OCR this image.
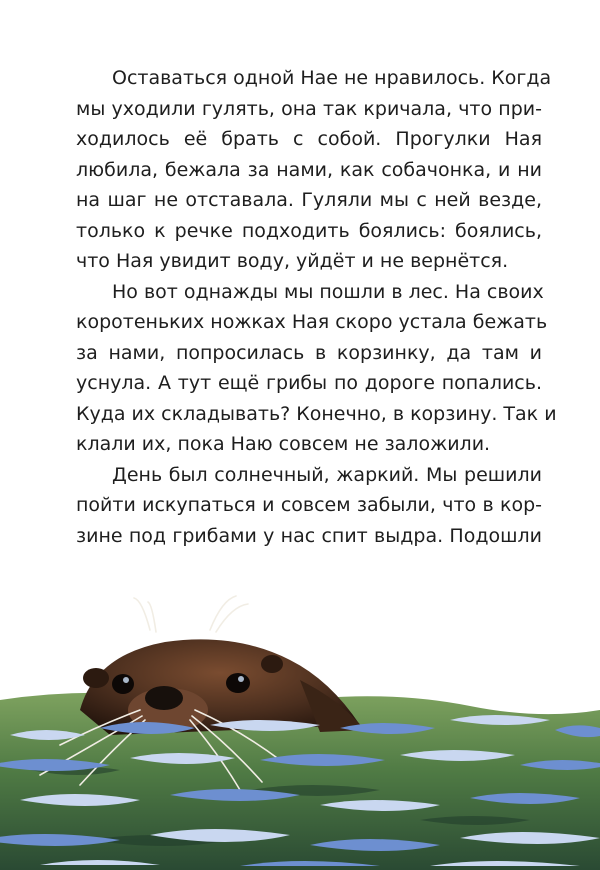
Оставаться одной Нае не нравилось. Когда
мы уходили гулять, она так кричала, что при-
ходилось её брать с собой. Прогулки Ная
любила, бежала за нами, как собачонка, и ни
на шаг не отставала. Гуляли мы с ней везде,
только к речке подходить боялись: боялись,
что Ная увидит воду, уйдёт и не вернётся.
Но вот однажды мы пошли в лес. На своих
коротеньких ножках Ная скоро устала бежать
за нами, попросилась в корзинку, да там и
уснула. А тут ещё грибы по дороге попались.
Куда их складывать? Конечно, в корзину. Так и
клали их, пока Наю совсем не заложили.
День был солнечный, жаркий. Мы решили
пойти искупаться и совсем забыли, что в кор-
зине под грибами у нас спит выдра. Подошли
